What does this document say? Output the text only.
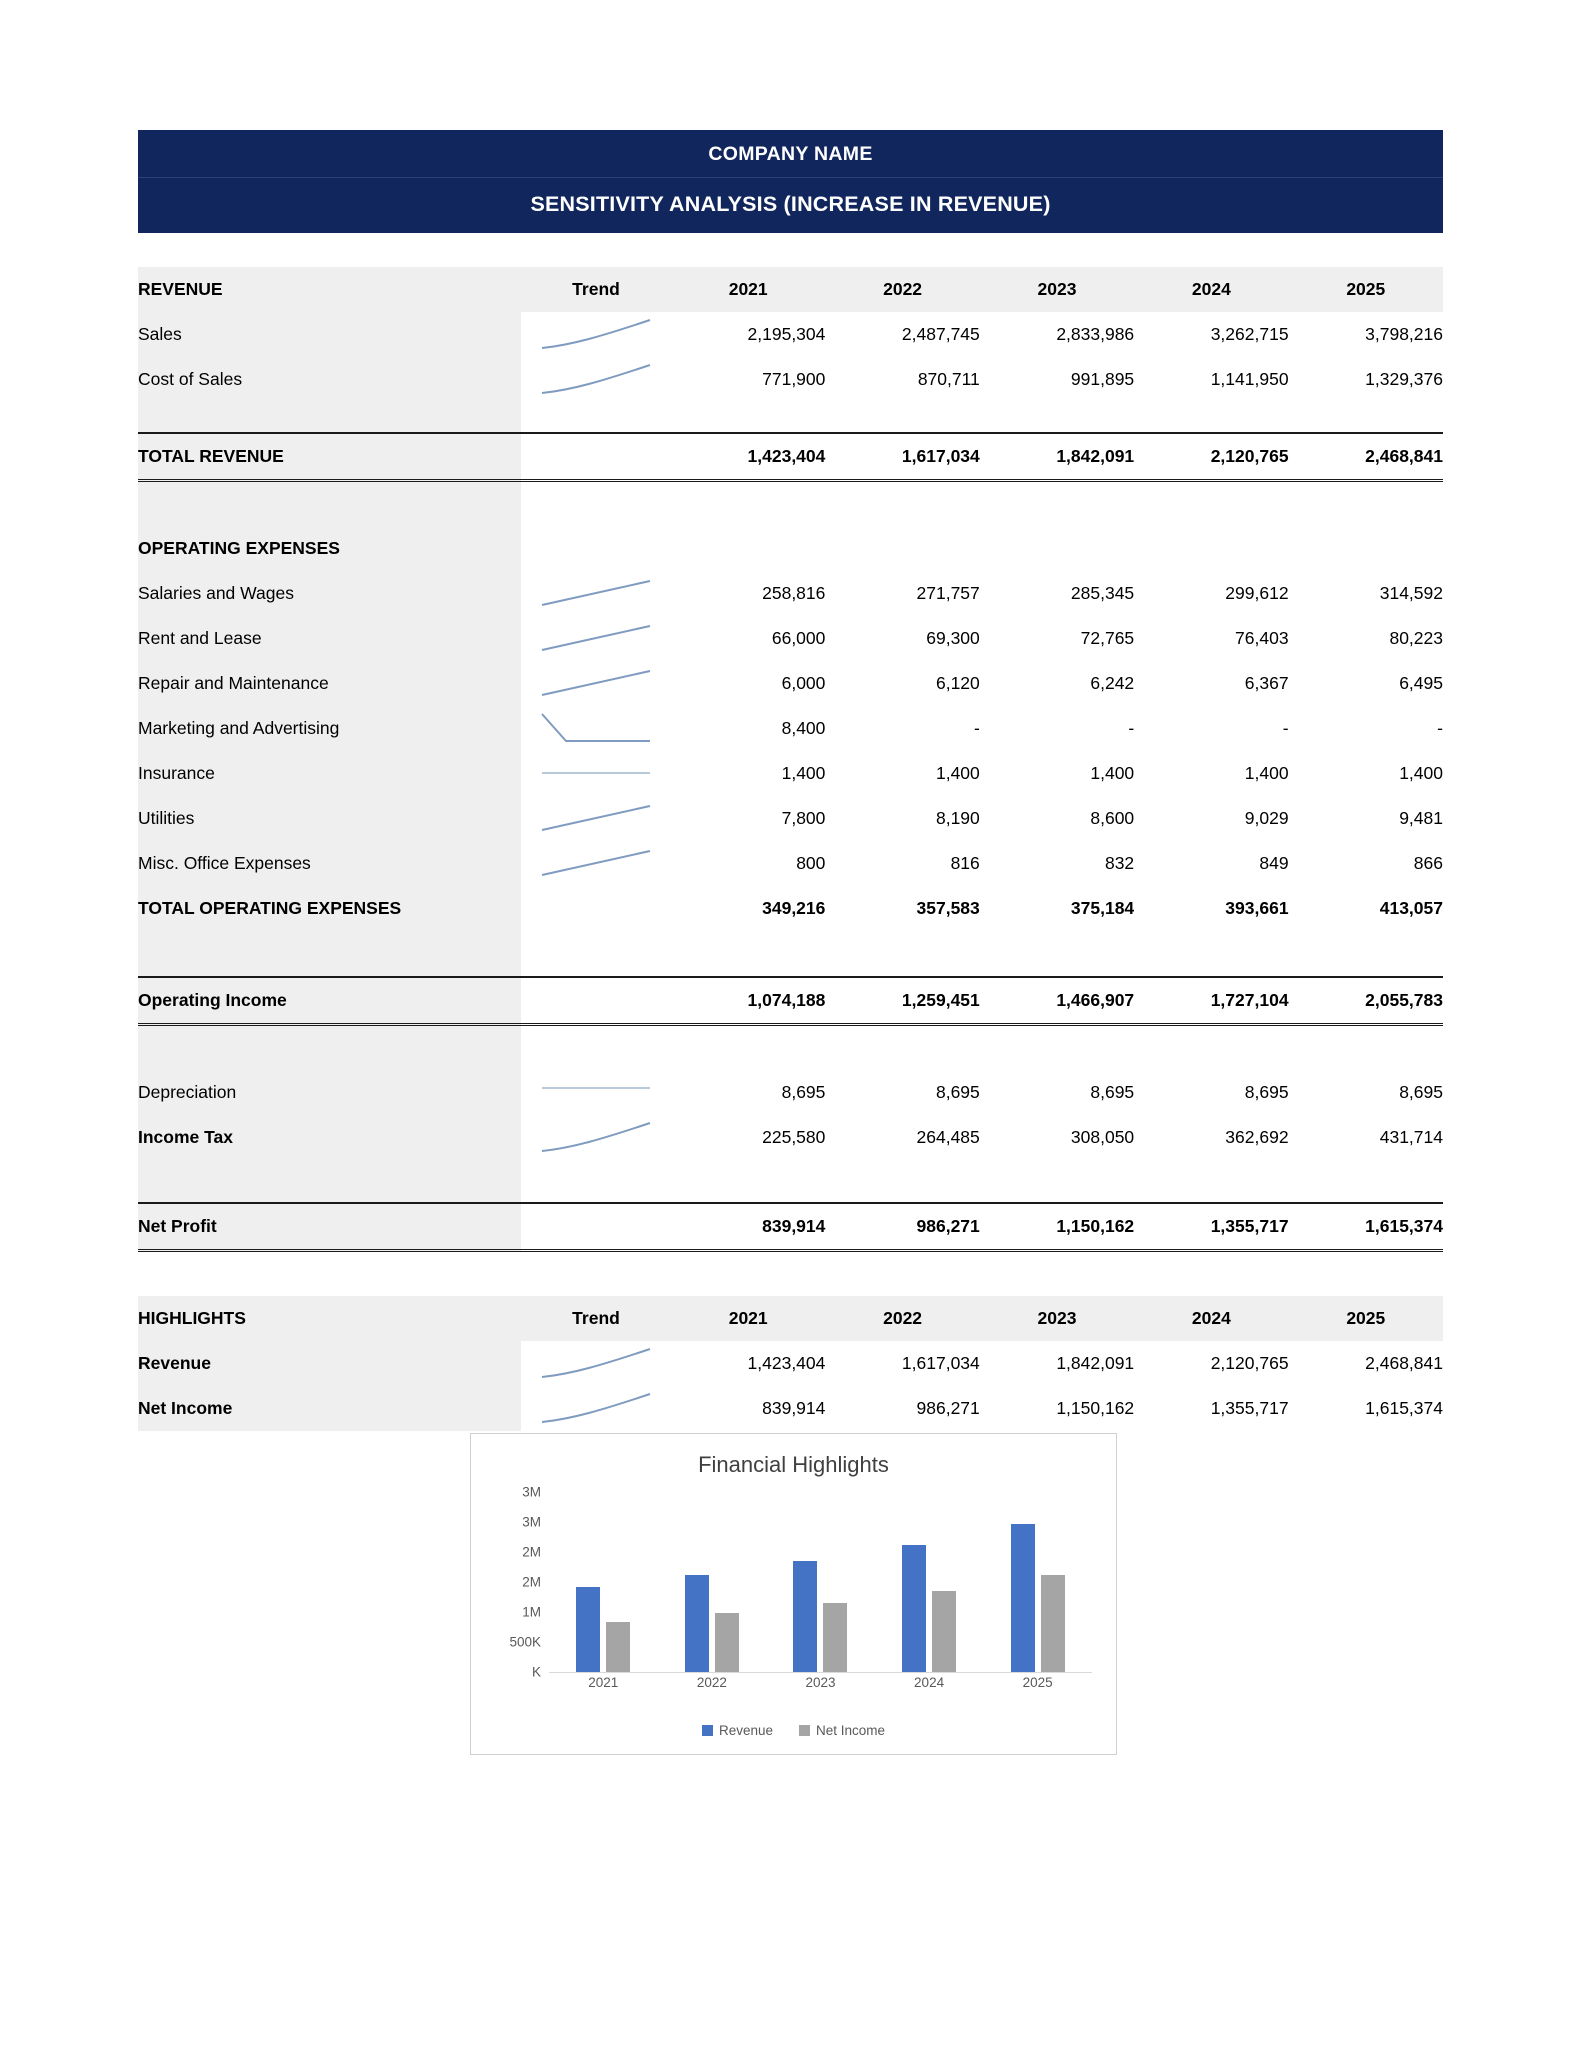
COMPANY NAME
SENSITIVITY ANALYSIS (INCREASE IN REVENUE)
REVENUE	Trend	2021	2022	2023	2024	2025
Sales		2,195,304	2,487,745	2,833,986	3,262,715	3,798,216
Cost of Sales		771,900	870,711	991,895	1,141,950	1,329,376

TOTAL REVENUE		1,423,404	1,617,034	1,842,091	2,120,765	2,468,841

OPERATING EXPENSES						
Salaries and Wages		258,816	271,757	285,345	299,612	314,592
Rent and Lease		66,000	69,300	72,765	76,403	80,223
Repair and Maintenance		6,000	6,120	6,242	6,367	6,495
Marketing and Advertising		8,400	-	-	-	-
Insurance		1,400	1,400	1,400	1,400	1,400
Utilities		7,800	8,190	8,600	9,029	9,481
Misc. Office Expenses		800	816	832	849	866
TOTAL OPERATING EXPENSES		349,216	357,583	375,184	393,661	413,057

Operating Income		1,074,188	1,259,451	1,466,907	1,727,104	2,055,783

Depreciation		8,695	8,695	8,695	8,695	8,695
Income Tax		225,580	264,485	308,050	362,692	431,714

Net Profit		839,914	986,271	1,150,162	1,355,717	1,615,374
HIGHLIGHTS	Trend	2021	2022	2023	2024	2025
Revenue		1,423,404	1,617,034	1,842,091	2,120,765	2,468,841
Net Income		839,914	986,271	1,150,162	1,355,717	1,615,374
Financial Highlights
3M
3M
2M
2M
1M
500K
K
2021	2022	2023	2024	2025
Revenue	Net Income
